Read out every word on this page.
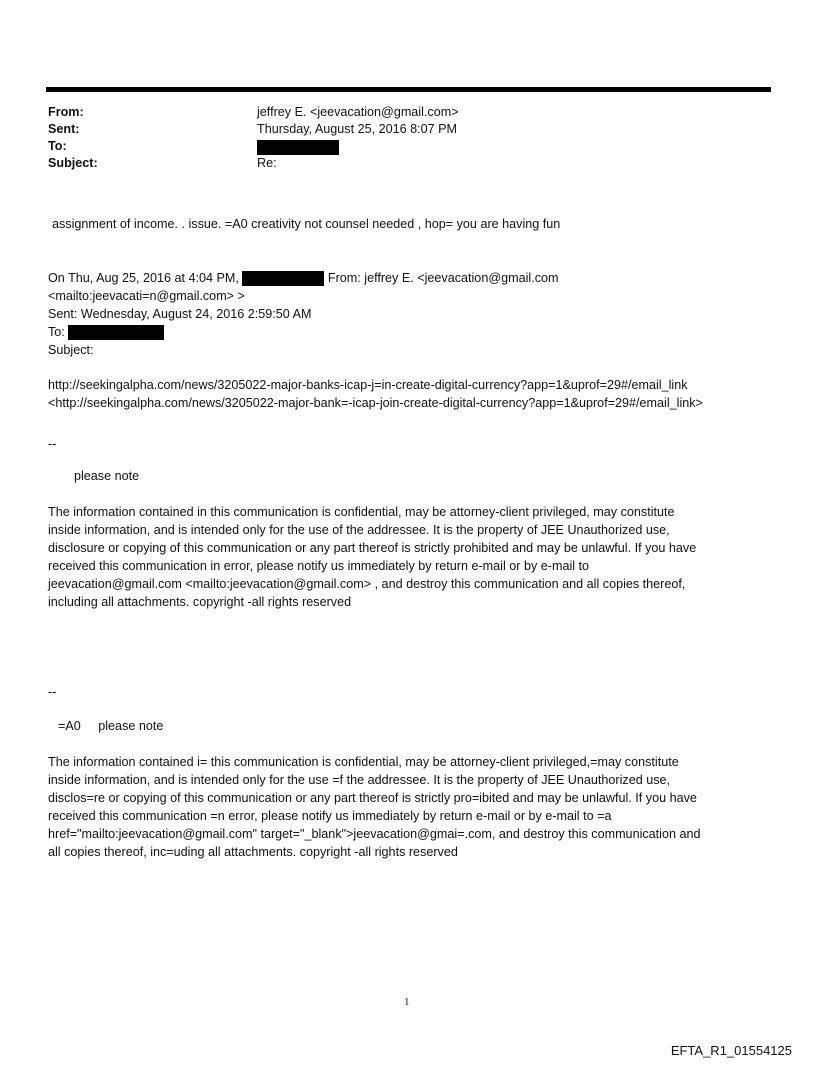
From:	jeffrey E. <jeevacation@gmail.com>
Sent:	Thursday, August 25, 2016 8:07 PM
To:
Subject:	Re:
assignment of income. . issue. =A0 creativity not counsel needed , hop= you are having fun
On Thu, Aug 25, 2016 at 4:04 PM,	From: jeffrey E. <jeevacation@gmail.com
<mailto:jeevacati=n@gmail.com> >
Sent: Wednesday, August 24, 2016 2:59:50 AM
To:
Subject:
http://seekingalpha.com/news/3205022-major-banks-icap-j=in-create-digital-currency?app=1&uprof=29#/email_link
<http://seekingalpha.com/news/3205022-major-bank=-icap-join-create-digital-currency?app=1&uprof=29#/email_link>
--
please note
The information contained in this communication is confidential, may be attorney-client privileged, may constitute
inside information, and is intended only for the use of the addressee. It is the property of JEE Unauthorized use,
disclosure or copying of this communication or any part thereof is strictly prohibited and may be unlawful. If you have
received this communication in error, please notify us immediately by return e-mail or by e-mail to
jeevacation@gmail.com <mailto:jeevacation@gmail.com> , and destroy this communication and all copies thereof,
including all attachments. copyright -all rights reserved
--
=A0     please note
The information contained i= this communication is confidential, may be attorney-client privileged,=may constitute
inside information, and is intended only for the use =f the addressee. It is the property of JEE Unauthorized use,
disclos=re or copying of this communication or any part thereof is strictly pro=ibited and may be unlawful. If you have
received this communication =n error, please notify us immediately by return e-mail or by e-mail to =a
href="mailto:jeevacation@gmail.com" target="_blank">jeevacation@gmai=.com, and destroy this communication and
all copies thereof, inc=uding all attachments. copyright -all rights reserved
1
EFTA_R1_01554125
